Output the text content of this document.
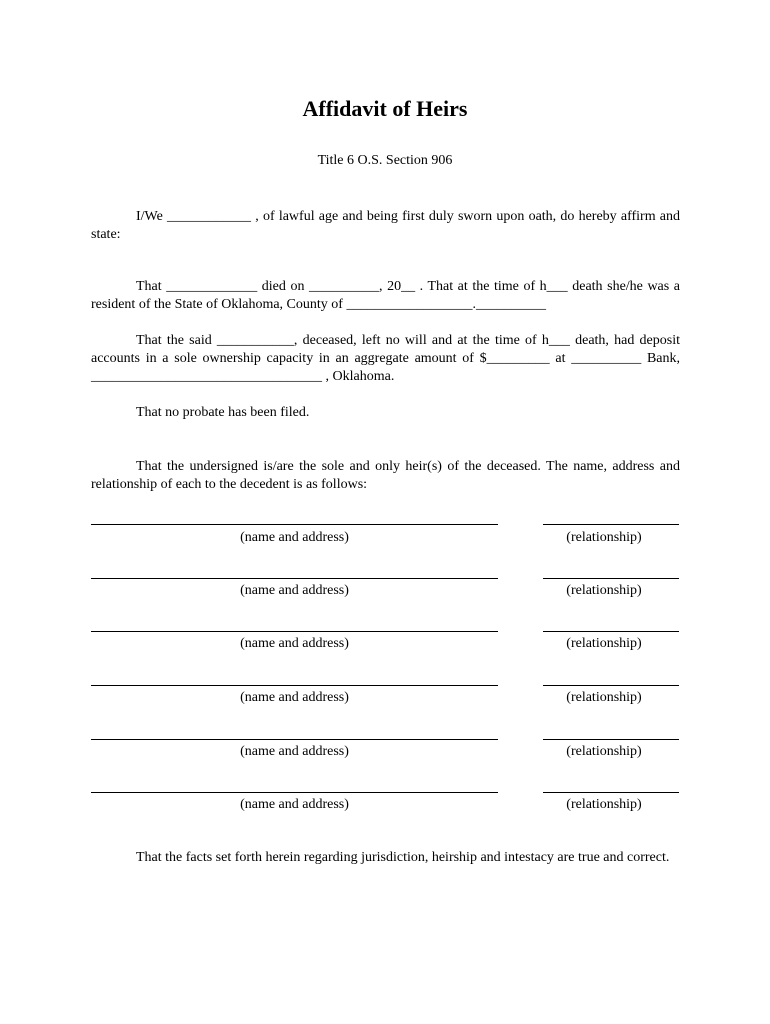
Affidavit of Heirs
Title 6 O.S. Section 906
I/We ____________ , of lawful age and being first duly sworn upon oath, do hereby affirm and state:
That _____________ died on __________, 20__ . That at the time of h___ death she/he was a resident of the State of Oklahoma, County of __________________.__________
That the said ___________, deceased, left no will and at the time of h___ death, had deposit accounts in a sole ownership capacity in an aggregate amount of $_________ at __________ Bank, _________________________________ , Oklahoma.
That no probate has been filed.
That the undersigned is/are the sole and only heir(s) of the deceased. The name, address and relationship of each to the decedent is as follows:
(name and address)	(relationship)
(name and address)	(relationship)
(name and address)	(relationship)
(name and address)	(relationship)
(name and address)	(relationship)
(name and address)	(relationship)
That the facts set forth herein regarding jurisdiction, heirship and intestacy are true and correct.
